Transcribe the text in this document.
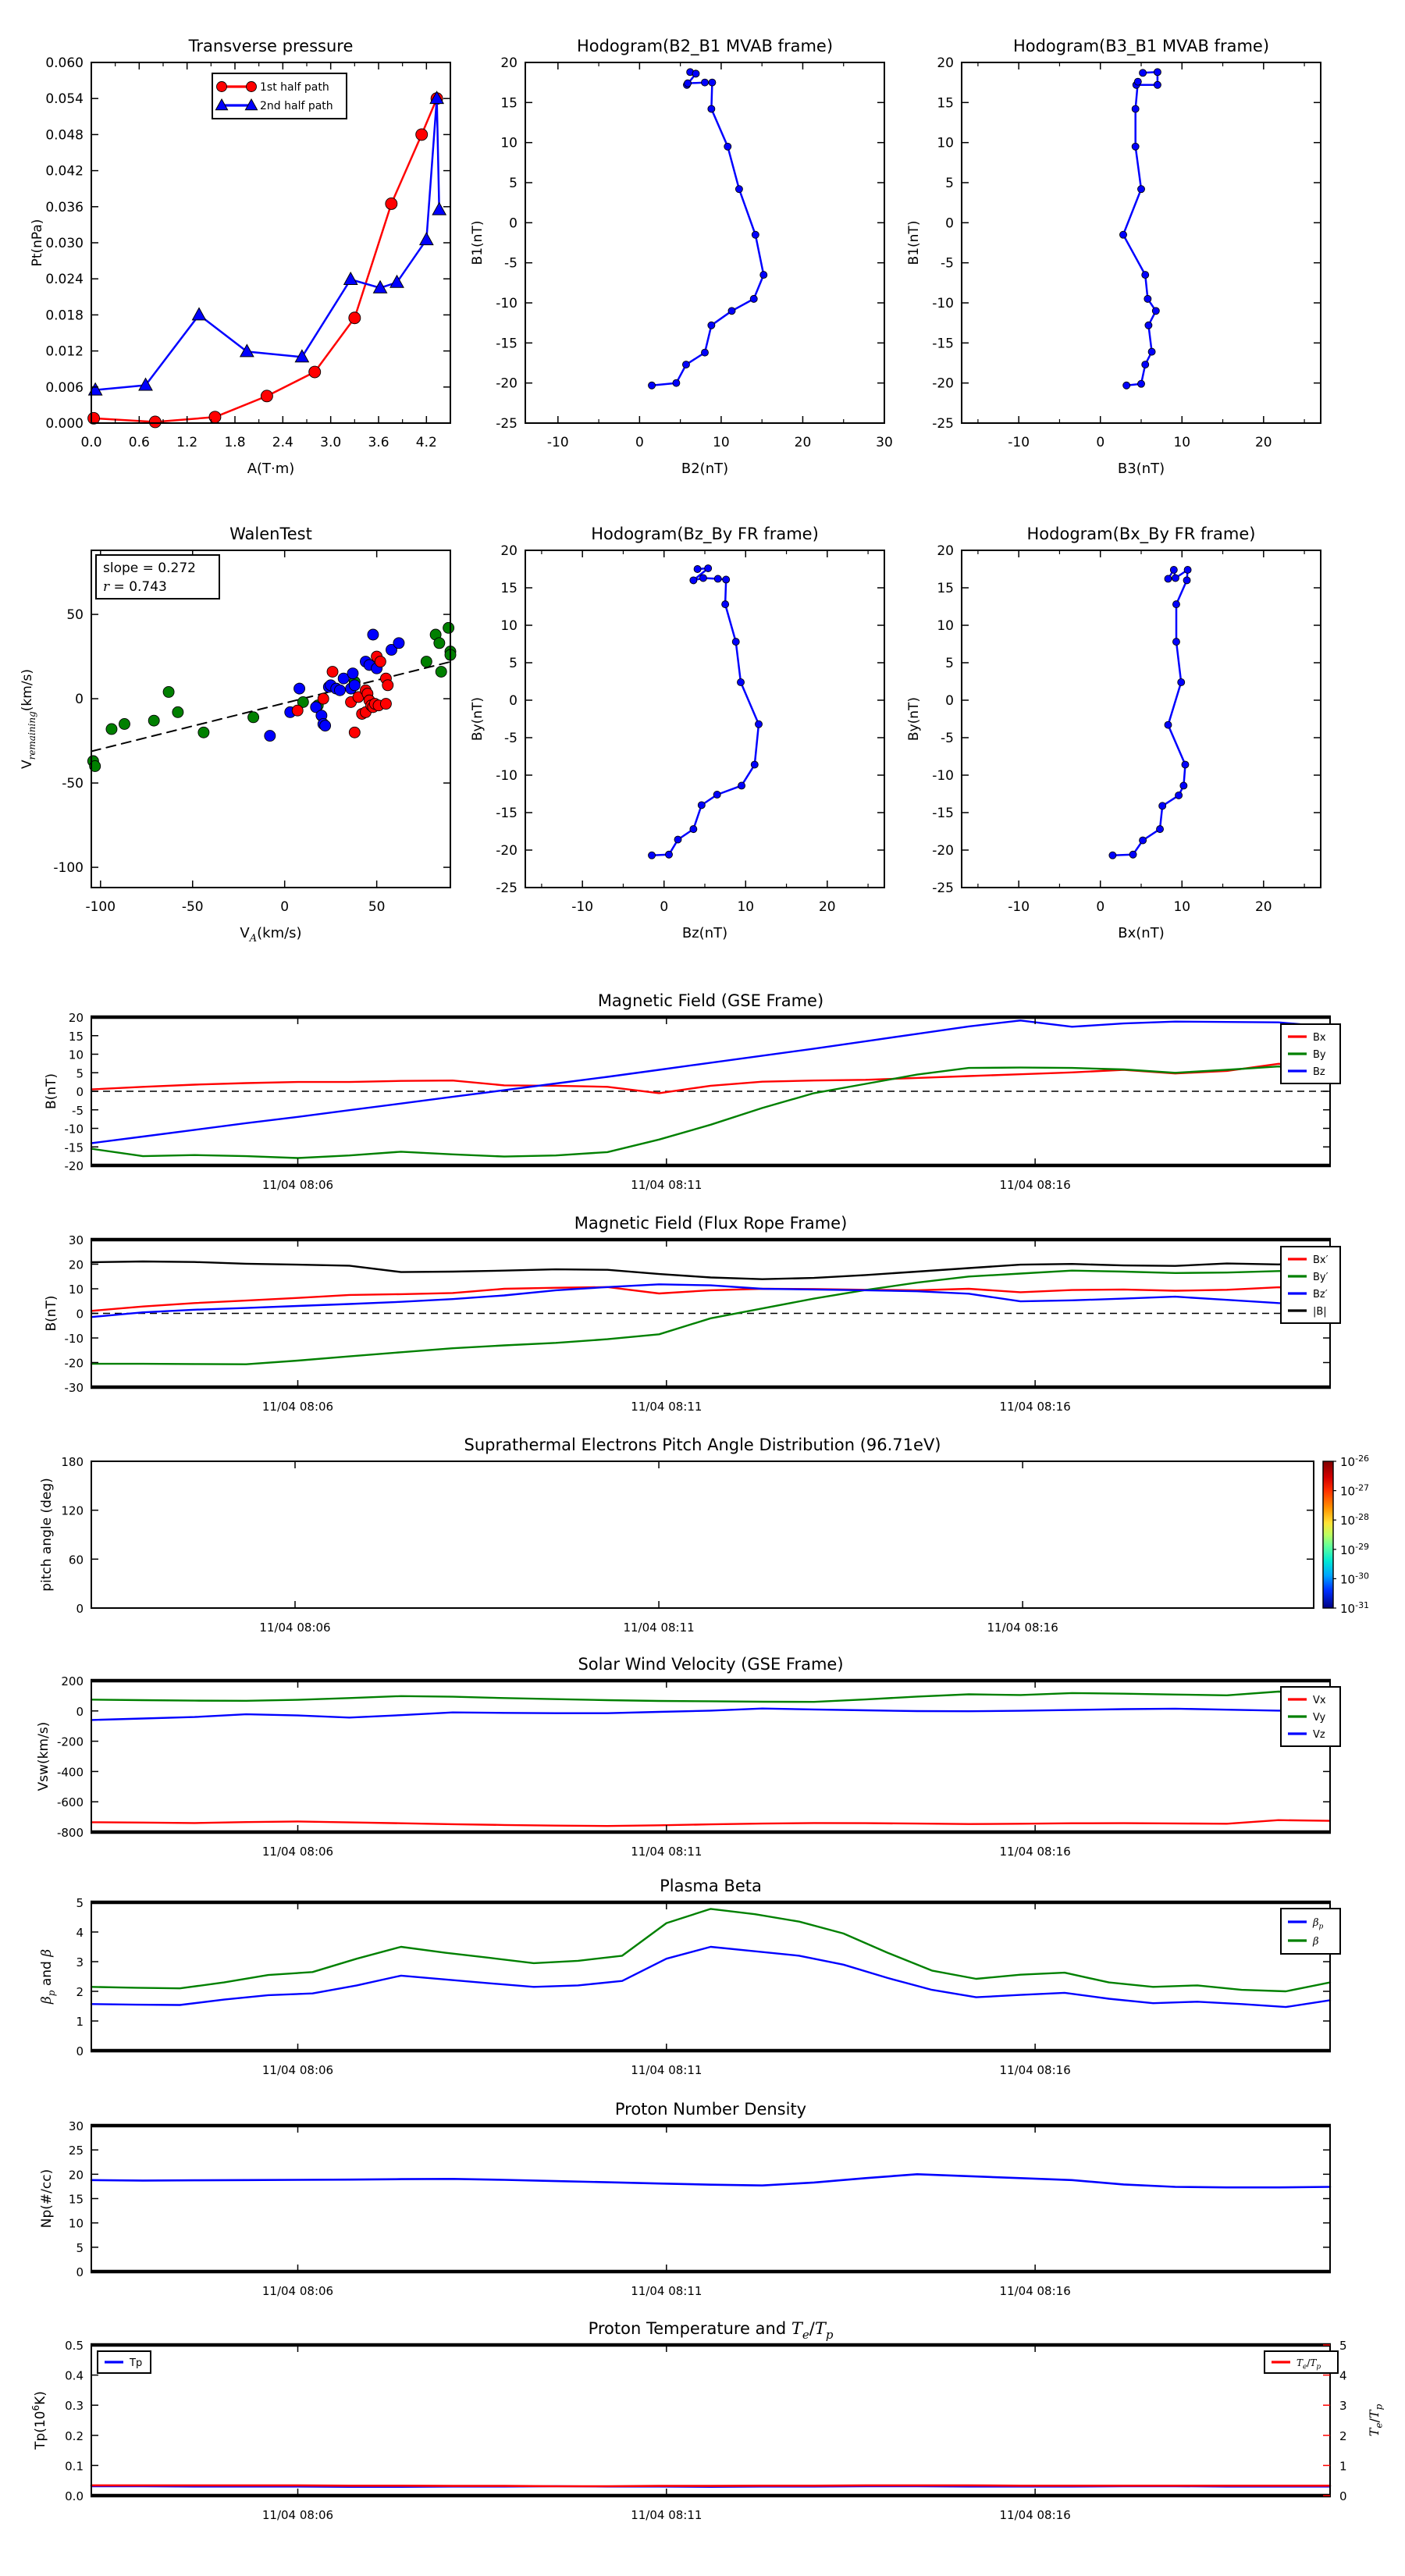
0.0 0.6 1.2 1.8 2.4 3.0 3.6 4.2
0.000
0.006
0.012
0.018
0.024
0.030
0.036
0.042
0.048
0.054
0.060
Transverse pressure
A(T·m)
Pt(nPa)
1st half path
2nd half path
-10	0	10	20	30
-25
-20
-15
-10
-5
0
5
10
15
20
Hodogram(B2_B1 MVAB frame)
B2(nT)
B1(nT)
-10	0	10	20
-25
-20
-15
-10
-5
0
5
10
15
20
Hodogram(B3_B1 MVAB frame)
B3(nT)
B1(nT)
-100	-50	0	50
-100
-50
0
50
WalenTest
$V_A(km/s)$
$V_{remaining}(km/s)$
slope = 0.272
r = 0.743
-10	0	10	20
-25
-20
-15
-10
-5
0
5
10
15
20
Hodogram(Bz_By FR frame)
Bz(nT)
By(nT)
-10	0	10	20
-25
-20
-15
-10
-5
0
5
10
15
20
Hodogram(Bx_By FR frame)
Bx(nT)
By(nT)
11/04 08:06	11/04 08:11	11/04 08:16
-20
-15
-10
-5
0
5
10
15
20
Magnetic Field (GSE Frame)
B(nT)
Bx
By
Bz
11/04 08:06	11/04 08:11	11/04 08:16
-30
-20
-10
0
10
20
30
Magnetic Field (Flux Rope Frame)
B(nT)
Bx′
By′
Bz′
|B|
11/04 08:06	11/04 08:11	11/04 08:16
0
60
120
180
Suprathermal Electrons Pitch Angle Distribution (96.71eV)
pitch angle (deg)
$10^{-26}$
$10^{-27}$
$10^{-28}$
$10^{-29}$
$10^{-30}$
$10^{-31}$
11/04 08:06	11/04 08:11	11/04 08:16
200
0
-200
-400
-600
-800
Solar Wind Velocity (GSE Frame)
Vsw(km/s)
Vx
Vy
Vz
11/04 08:06	11/04 08:11	11/04 08:16
0
1
2
3
4
5
Plasma Beta
$\beta_p$ and β
$\beta_p$
β
11/04 08:06	11/04 08:11	11/04 08:16
0
5
10
15
20
25
30
Proton Number Density
Np(#/cc)
11/04 08:06	11/04 08:11	11/04 08:16
0.0
0.1
0.2
0.3
0.4
0.5
0
1
2
3
4
5
$T_e/T_p$
Proton Temperature and $T_e/T_p$
$Tp(10^6K)$
Tp	$T_e/T_p$
